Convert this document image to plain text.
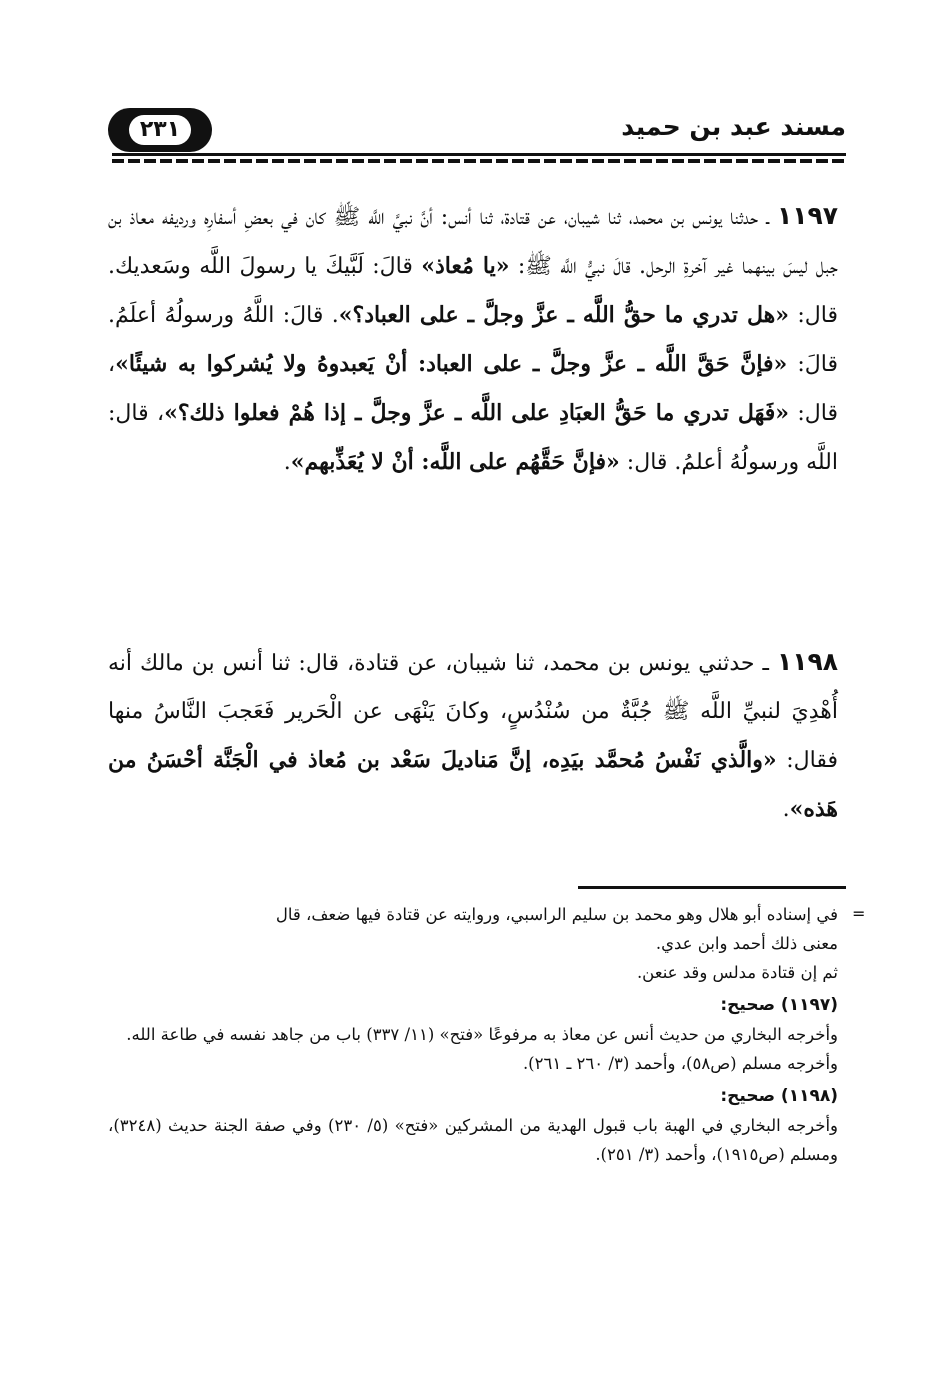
٢٣١	مسند عبد بن حميد
١١٩٧ ـ حدثنا يونس بن محمد، ثنا شيبان، عن قتادة، ثنا أنس: أنَّ نبيَّ اللَّه ﷺ كان في بعضِ أسفارِه ورديفه معاذ بن جبل ليسَ بينهما غير آخرةِ الرحل. قالَ نبيُّ اللَّه ﷺ: «يا مُعاذ» قالَ: لَبَّيكَ يا رسولَ اللَّه وسَعديك. قال: «هل تدري ما حقُّ اللَّه ـ عزَّ وجلَّ ـ على العباد؟». قالَ: اللَّهُ ورسولُهُ أعلَمُ. قالَ: «فإنَّ حَقَّ اللَّه ـ عزَّ وجلَّ ـ على العباد: أنْ يَعبدوهُ ولا يُشركوا به شيئًا»، قال: «فَهَل تدري ما حَقُّ العبَادِ على اللَّه ـ عزَّ وجلَّ ـ إذا هُمْ فعلوا ذلك؟»، قال: اللَّه ورسولُهُ أعلمُ. قال: «فإنَّ حَقَّهُم على اللَّه: أنْ لا يُعَذِّبهم».
١١٩٨ ـ حدثني يونس بن محمد، ثنا شيبان، عن قتادة، قال: ثنا أنس بن مالك أنه أُهْدِيَ لنبيِّ اللَّه ﷺ جُبَّةٌ من سُنْدُسٍ، وكانَ يَنْهَى عن الْحَرير فَعَجبَ النَّاسُ منها فقال: «والَّذي نَفْسُ مُحمَّد بيَدِه، إنَّ مَناديلَ سَعْد بن مُعاذ في الْجَنَّة أحْسَنُ من هَذه».
=
في إسناده أبو هلال وهو محمد بن سليم الراسبي، وروايته عن قتادة فيها ضعف، قال
معنى ذلك أحمد وابن عدي.
ثم إن قتادة مدلس وقد عنعن.
(١١٩٧) صحيح:
وأخرجه البخاري من حديث أنس عن معاذ به مرفوعًا «فتح» (١١/ ٣٣٧) باب من جاهد نفسه في طاعة الله.
وأخرجه مسلم (ص٥٨)، وأحمد (٣/ ٢٦٠ ـ ٢٦١).
(١١٩٨) صحيح:
وأخرجه البخاري في الهبة باب قبول الهدية من المشركين «فتح» (٥/ ٢٣٠) وفي صفة الجنة حديث (٣٢٤٨)، ومسلم (ص١٩١٥)، وأحمد (٣/ ٢٥١).
